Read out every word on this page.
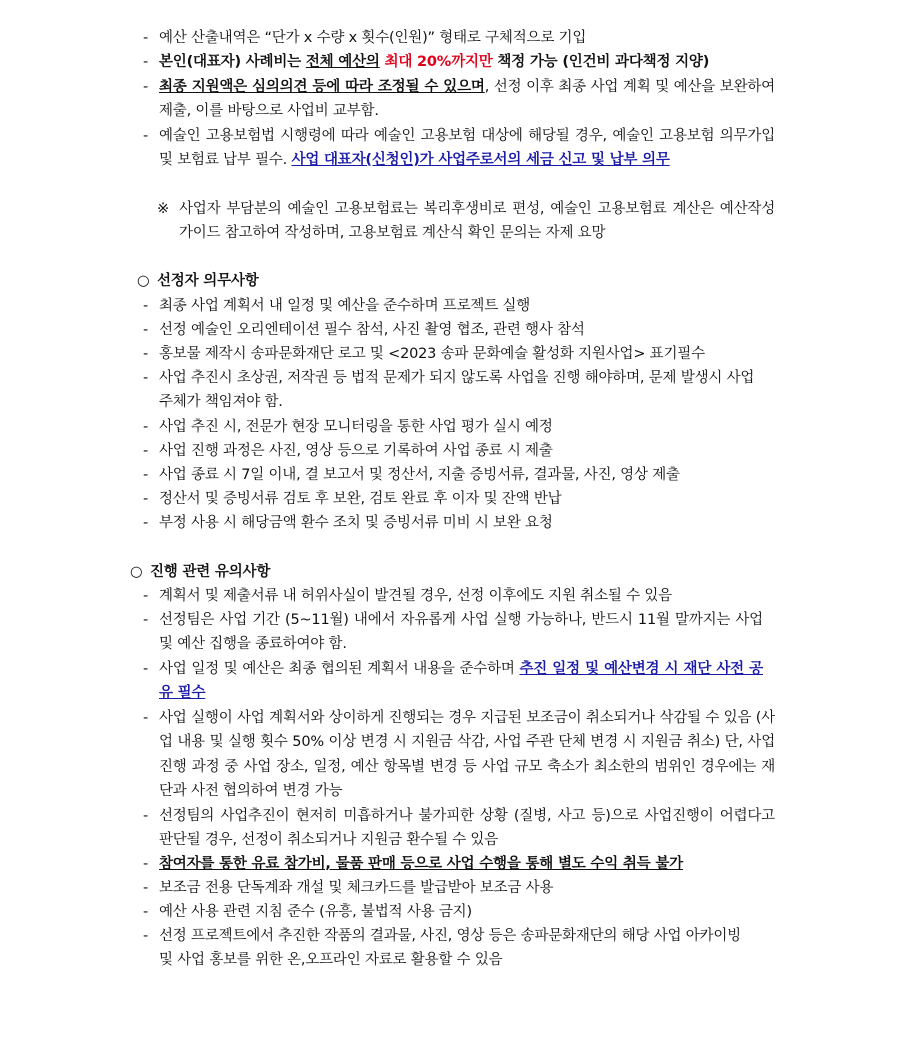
- 예산 산출내역은 “단가 x 수량 x 횟수(인원)” 형태로 구체적으로 기입
- 본인(대표자) 사례비는 전체 예산의 최대 20%까지만 책정 가능 (인건비 과다책정 지양)
- 최종 지원액은 심의의견 등에 따라 조정될 수 있으며, 선정 이후 최종 사업 계획 및 예산을 보완하여 제출, 이를 바탕으로 사업비 교부함.
- 예술인 고용보험법 시행령에 따라 예술인 고용보험 대상에 해당될 경우, 예술인 고용보험 의무가입 및 보험료 납부 필수. 사업 대표자(신청인)가 사업주로서의 세금 신고 및 납부 의무
※ 사업자 부담분의 예술인 고용보험료는 복리후생비로 편성, 예술인 고용보험료 계산은 예산작성 가이드 참고하여 작성하며, 고용보험료 계산식 확인 문의는 자제 요망
○ 선정자 의무사항
- 최종 사업 계획서 내 일정 및 예산을 준수하며 프로젝트 실행
- 선정 예술인 오리엔테이션 필수 참석, 사진 촬영 협조, 관련 행사 참석
- 홍보물 제작시 송파문화재단 로고 및 <2023 송파 문화예술 활성화 지원사업> 표기필수
- 사업 추진시 초상권, 저작권 등 법적 문제가 되지 않도록 사업을 진행 해야하며, 문제 발생시 사업 주체가 책임져야 함.
- 사업 추진 시, 전문가 현장 모니터링을 통한 사업 평가 실시 예정
- 사업 진행 과정은 사진, 영상 등으로 기록하여 사업 종료 시 제출
- 사업 종료 시 7일 이내, 결 보고서 및 정산서, 지출 증빙서류, 결과물, 사진, 영상 제출
- 정산서 및 증빙서류 검토 후 보완, 검토 완료 후 이자 및 잔액 반납
- 부정 사용 시 해당금액 환수 조치 및 증빙서류 미비 시 보완 요청
○ 진행 관련 유의사항
- 계획서 및 제출서류 내 허위사실이 발견될 경우, 선정 이후에도 지원 취소될 수 있음
- 선정팀은 사업 기간 (5~11월) 내에서 자유롭게 사업 실행 가능하나, 반드시 11월 말까지는 사업 및 예산 집행을 종료하여야 함.
- 사업 일정 및 예산은 최종 협의된 계획서 내용을 준수하며 추진 일정 및 예산변경 시 재단 사전 공유 필수
- 사업 실행이 사업 계획서와 상이하게 진행되는 경우 지급된 보조금이 취소되거나 삭감될 수 있음 (사업 내용 및 실행 횟수 50% 이상 변경 시 지원금 삭감, 사업 주관 단체 변경 시 지원금 취소) 단, 사업 진행 과정 중 사업 장소, 일정, 예산 항목별 변경 등 사업 규모 축소가 최소한의 범위인 경우에는 재단과 사전 협의하여 변경 가능
- 선정팀의 사업추진이 현저히 미흡하거나 불가피한 상황 (질병, 사고 등)으로 사업진행이 어렵다고 판단될 경우, 선정이 취소되거나 지원금 환수될 수 있음
- 참여자를 통한 유료 참가비, 물품 판매 등으로 사업 수행을 통해 별도 수익 취득 불가
- 보조금 전용 단독계좌 개설 및 체크카드를 발급받아 보조금 사용
- 예산 사용 관련 지침 준수 (유흥, 불법적 사용 금지)
- 선정 프로젝트에서 추진한 작품의 결과물, 사진, 영상 등은 송파문화재단의 해당 사업 아카이빙 및 사업 홍보를 위한 온,오프라인 자료로 활용할 수 있음
